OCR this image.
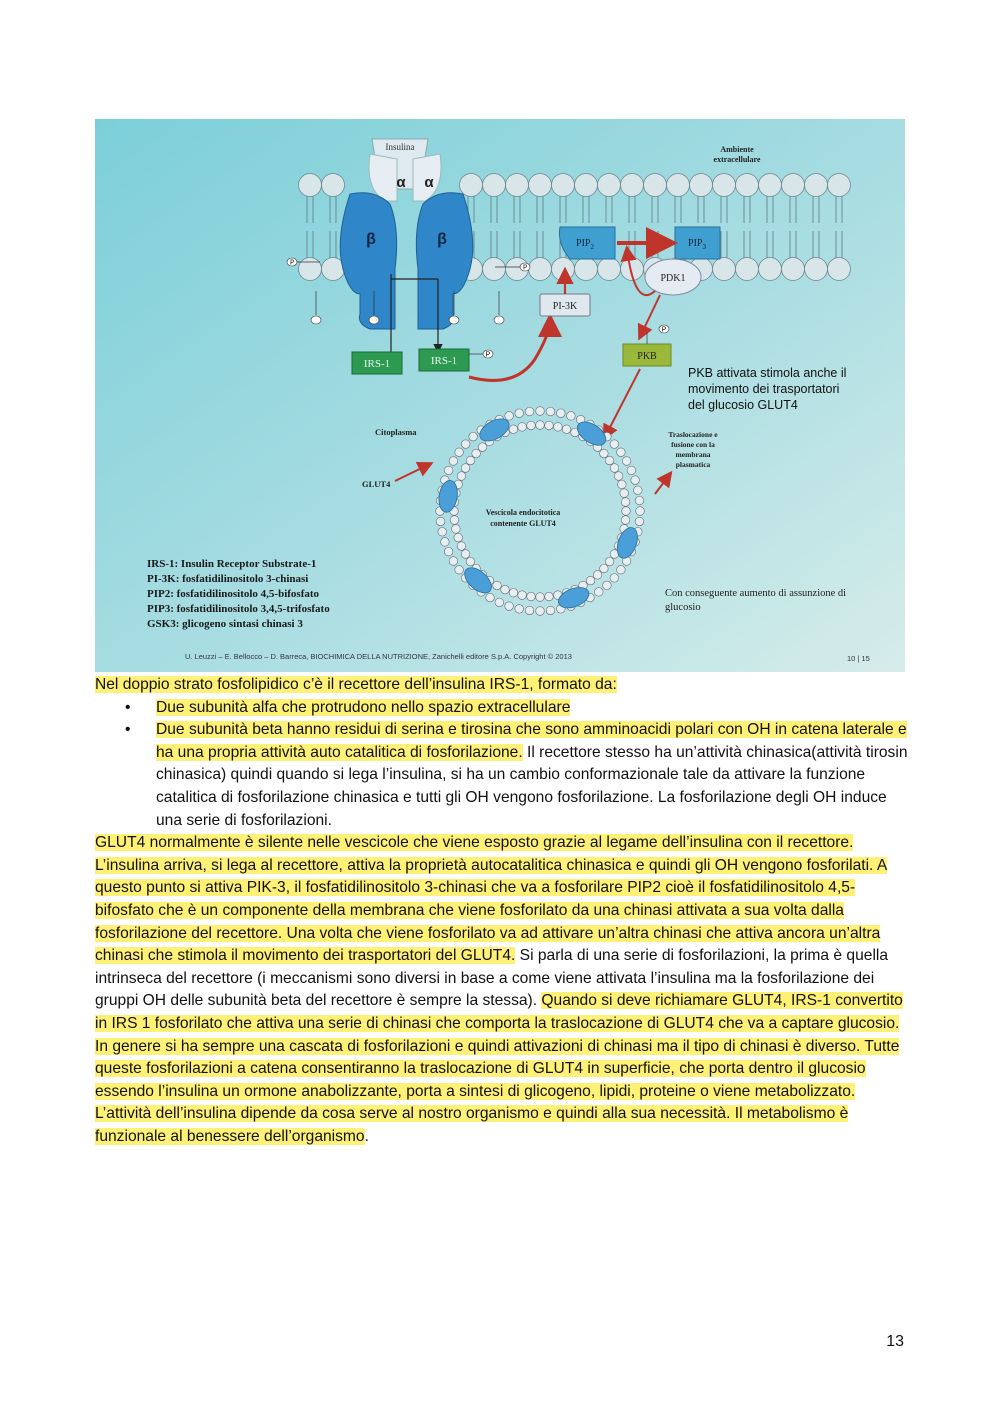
Insulina
α α
β	β
P
P
IRS-1	IRS-1	P
PI-3K
$PIP_2$	$PIP_3$
PDK1
PKB
P
PKB attivata stimola anche il
movimento dei trasportatori
del glucosio GLUT4
Ambiente
extracellulare
Citoplasma
Vescicola endocitotica
contenente GLUT4
GLUT4
Traslocazione e
fusione con la
membrana
plasmatica
IRS-1: Insulin Receptor Substrate-1
PI-3K: fosfatidilinositolo 3-chinasi
PIP2: fosfatidilinositolo 4,5-bifosfato
PIP3: fosfatidilinositolo 3,4,5-trifosfato
GSK3: glicogeno sintasi chinasi 3
Con conseguente aumento di assunzione di
glucosio
U. Leuzzi – E. Bellocco – D. Barreca, BIOCHIMICA DELLA NUTRIZIONE, Zanichelli editore S.p.A. Copyright © 2013	10 | 15

Nel doppio strato fosfolipidico c’è il recettore dell’insulina IRS-1, formato da:

• Due subunità alfa che protrudono nello spazio extracellulare
• Due subunità beta hanno residui di serina e tirosina che sono amminoacidi polari con OH in catena laterale e ha una propria attività auto catalitica di fosforilazione. Il recettore stesso ha un’attività chinasica(attività tirosin chinasica) quindi quando si lega l’insulina, si ha un cambio conformazionale tale da attivare la funzione catalitica di fosforilazione chinasica e tutti gli OH vengono fosforilazione. La fosforilazione degli OH induce una serie di fosforilazioni.

GLUT4 normalmente è silente nelle vescicole che viene esposto grazie al legame dell’insulina con il recettore. L’insulina arriva, si lega al recettore, attiva la proprietà autocatalitica chinasica e quindi gli OH vengono fosforilati. A questo punto si attiva PIK-3, il fosfatidilinositolo 3-chinasi che va a fosforilare PIP2 cioè il fosfatidilinositolo 4,5-bifosfato che è un componente della membrana che viene fosforilato da una chinasi attivata a sua volta dalla fosforilazione del recettore. Una volta che viene fosforilato va ad attivare un’altra chinasi che attiva ancora un’altra chinasi che stimola il movimento dei trasportatori del GLUT4. Si parla di una serie di fosforilazioni, la prima è quella intrinseca del recettore (i meccanismi sono diversi in base a come viene attivata l’insulina ma la fosforilazione dei gruppi OH delle subunità beta del recettore è sempre la stessa). Quando si deve richiamare GLUT4, IRS-1 convertito in IRS 1 fosforilato che attiva una serie di chinasi che comporta la traslocazione di GLUT4 che va a captare glucosio. In genere si ha sempre una cascata di fosforilazioni e quindi attivazioni di chinasi ma il tipo di chinasi è diverso. Tutte queste fosforilazioni a catena consentiranno la traslocazione di GLUT4 in superficie, che porta dentro il glucosio essendo l’insulina un ormone anabolizzante, porta a sintesi di glicogeno, lipidi, proteine o viene metabolizzato. L’attività dell’insulina dipende da cosa serve al nostro organismo e quindi alla sua necessità. Il metabolismo è funzionale al benessere dell’organismo.

13
